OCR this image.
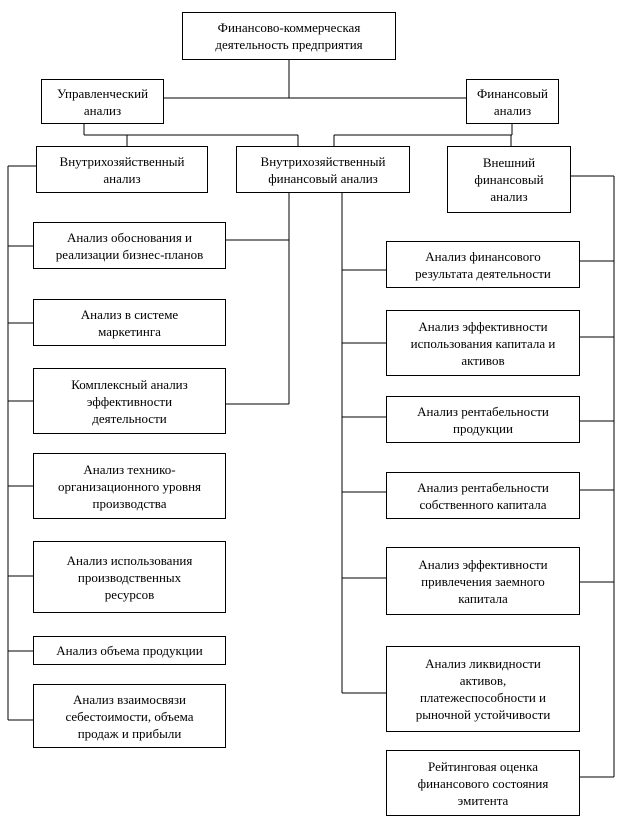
Финансово-коммерческая
деятельность предприятия
Управленческий
анализ
Финансовый
анализ
Внутрихозяйственный
анализ
Внутрихозяйственный
финансовый анализ
Внешний
финансовый
анализ
Анализ обоснования и
реализации бизнес-планов
Анализ в системе
маркетинга
Комплексный анализ
эффективности
деятельности
Анализ технико-
организационного уровня
производства
Анализ использования
производственных
ресурсов
Анализ объема продукции
Анализ взаимосвязи
себестоимости, объема
продаж и прибыли
Анализ финансового
результата деятельности
Анализ эффективности
использования капитала и
активов
Анализ рентабельности
продукции
Анализ рентабельности
собственного капитала
Анализ эффективности
привлечения заемного
капитала
Анализ ликвидности
активов,
платежеспособности и
рыночной устойчивости
Рейтинговая оценка
финансового состояния
эмитента
